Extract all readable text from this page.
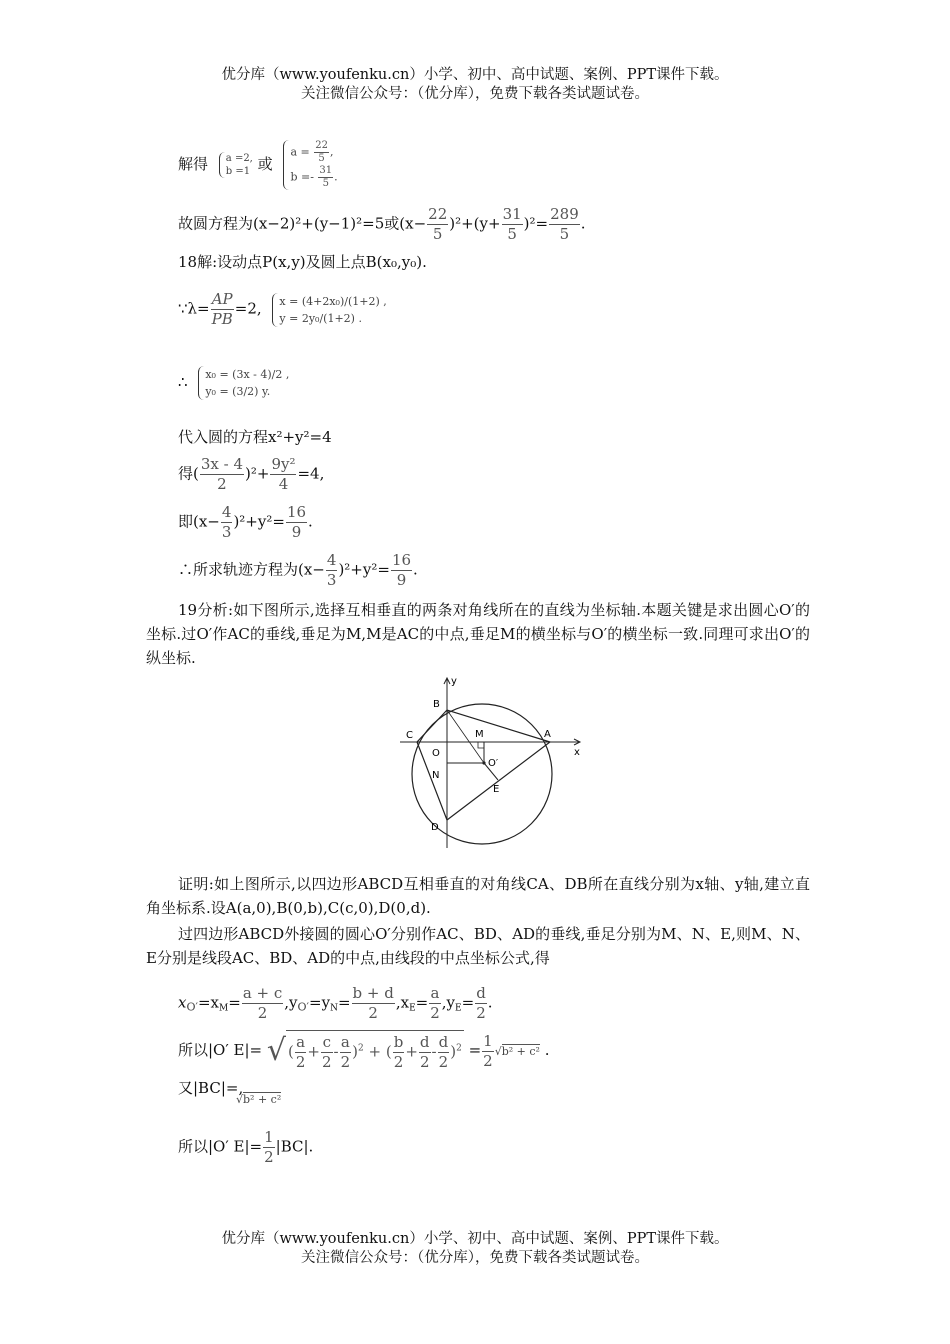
优分库（www.youfenku.cn）小学、初中、高中试题、案例、PPT课件下载。
关注微信公众号：（优分库），免费下载各类试题试卷。
解得 a =2,
b =1 或
$a = \frac{22}{5}$ ,
$b =- \frac{31}{5}$ .
故圆方程为(x−2)²+(y−1)²=5或$(x- \frac{22}{5} )^2+(y+ \frac{31}{5} )^2= \frac{289}{5}$ .
18解:设动点P(x,y)及圆上点B(x₀,y₀).
∵λ= $\frac{AP}{PB} =2$, x = (4+2x₀)/(1+2) ,
y = 2y₀/(1+2) .
∴ x₀ = (3x - 4)/2 ,
y₀ = (3/2) y.
代入圆的方程x²+y²=4
得( $\frac{3x - 4}{2} )^2+ \frac{\text{9y²}}{4} =4$,
即$(x- \frac{4}{3} )^2+y^2= \frac{16}{9}$ .
∴所求轨迹方程为$(x- \frac{4}{3} )^2+y^2= \frac{16}{9}$ .
19分析:如下图所示,选择互相垂直的两条对角线所在的直线为坐标轴.本题关键是求出圆心O′的坐标.过O′作AC的垂线,垂足为M,M是AC的中点,垂足M的横坐标与O′的横坐标一致.同理可求出O′的纵坐标.
y
x
B
C
O
M	A
N
O′
E
D
证明:如上图所示,以四边形ABCD互相垂直的对角线CA、DB所在直线分别为x轴、y轴,建立直角坐标系.设A(a,0),B(0,b),C(c,0),D(0,d).
过四边形ABCD外接圆的圆心O′分别作AC、BD、AD的垂线,垂足分别为M、N、E,则M、N、E分别是线段AC、BD、AD的中点,由线段的中点坐标公式,得
$x_{O'}=x_M= \frac{a + c}{2} ,y_{O'}=y_N= \frac{b + d}{2} ,x_E= \frac{a}{2} ,y_E= \frac{d}{2}$ .
所以|O′ E|= √ ( $\frac{a}{2} + \frac{c}{2} - \frac{a}{2} )^2$ + ( $\frac{b}{2} + \frac{d}{2} - \frac{d}{2} )^2 = \frac{1}{2} √b^2 + c^2$ .
又|BC|=,
√b² + c²
所以|O′ $E|= \frac{1}{2} |BC|$.
优分库（www.youfenku.cn）小学、初中、高中试题、案例、PPT课件下载。
关注微信公众号：（优分库），免费下载各类试题试卷。
